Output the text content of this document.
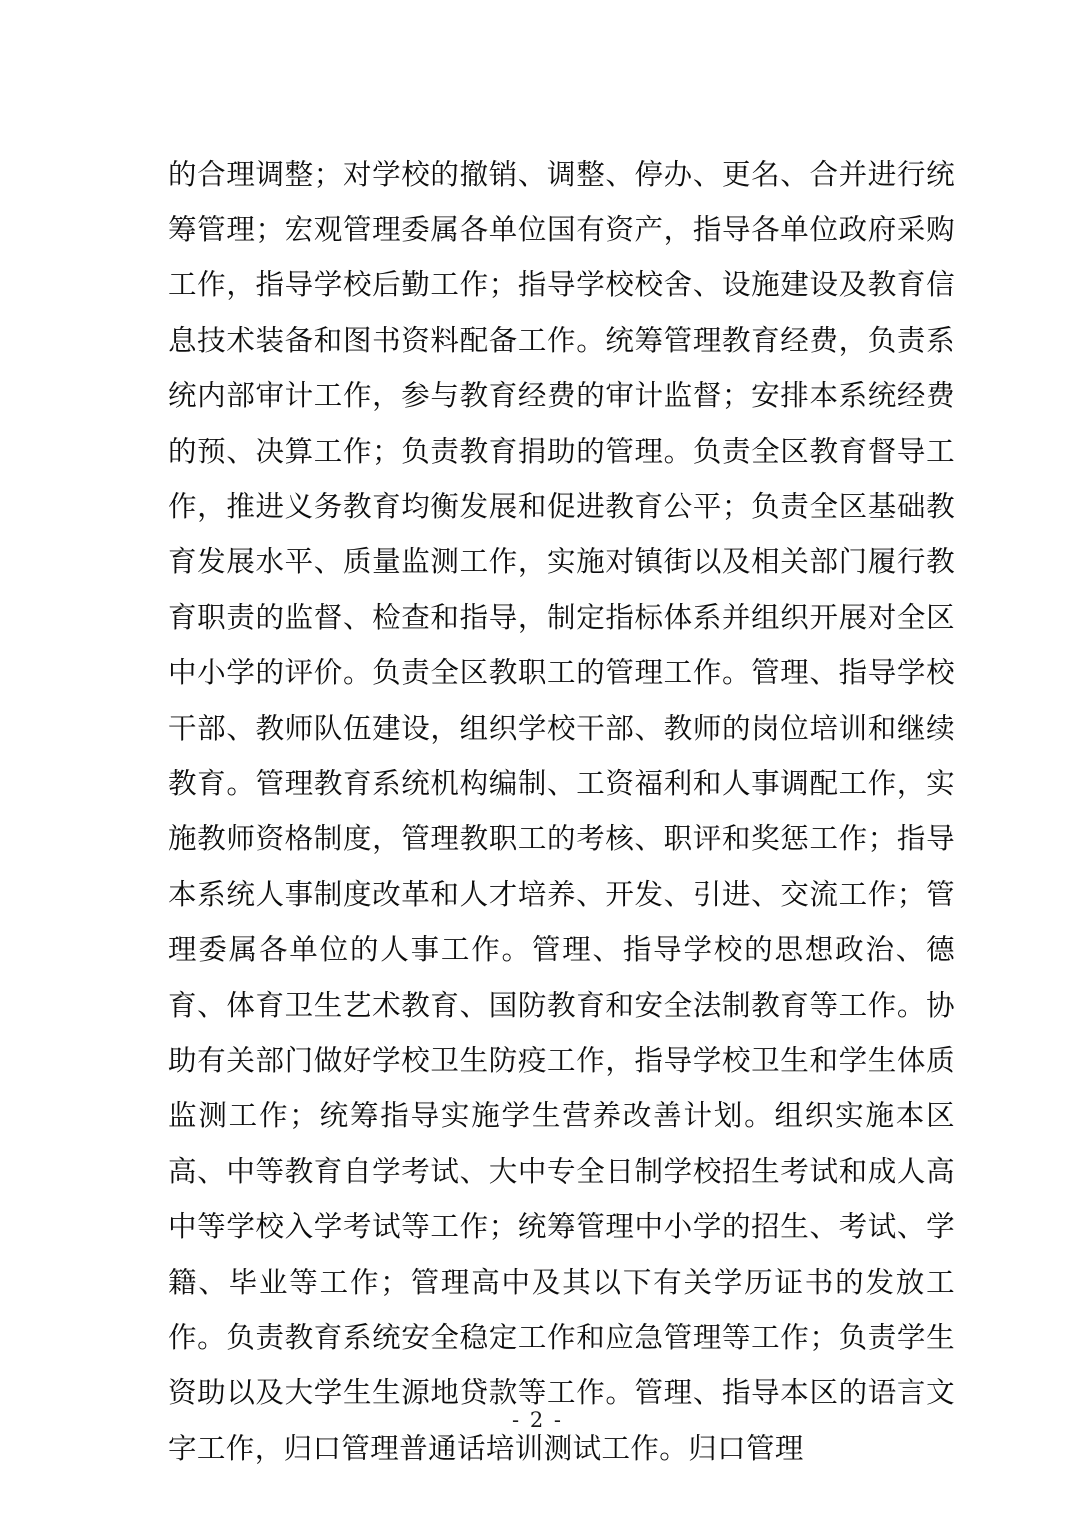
的合理调整；对学校的撤销、调整、停办、更名、合并进行统筹管理；宏观管理委属各单位国有资产，指导各单位政府采购工作，指导学校后勤工作；指导学校校舍、设施建设及教育信息技术装备和图书资料配备工作。统筹管理教育经费，负责系统内部审计工作，参与教育经费的审计监督；安排本系统经费的预、决算工作；负责教育捐助的管理。负责全区教育督导工作，推进义务教育均衡发展和促进教育公平；负责全区基础教育发展水平、质量监测工作，实施对镇街以及相关部门履行教育职责的监督、检查和指导，制定指标体系并组织开展对全区中小学的评价。负责全区教职工的管理工作。管理、指导学校干部、教师队伍建设，组织学校干部、教师的岗位培训和继续教育。管理教育系统机构编制、工资福利和人事调配工作，实施教师资格制度，管理教职工的考核、职评和奖惩工作；指导本系统人事制度改革和人才培养、开发、引进、交流工作；管理委属各单位的人事工作。管理、指导学校的思想政治、德育、体育卫生艺术教育、国防教育和安全法制教育等工作。协助有关部门做好学校卫生防疫工作，指导学校卫生和学生体质监测工作；统筹指导实施学生营养改善计划。组织实施本区高、中等教育自学考试、大中专全日制学校招生考试和成人高中等学校入学考试等工作；统筹管理中小学的招生、考试、学籍、毕业等工作；管理高中及其以下有关学历证书的发放工作。负责教育系统安全稳定工作和应急管理等工作；负责学生资助以及大学生生源地贷款等工作。管理、指导本区的语言文字工作，归口管理普通话培训测试工作。归口管理

- 2 -
